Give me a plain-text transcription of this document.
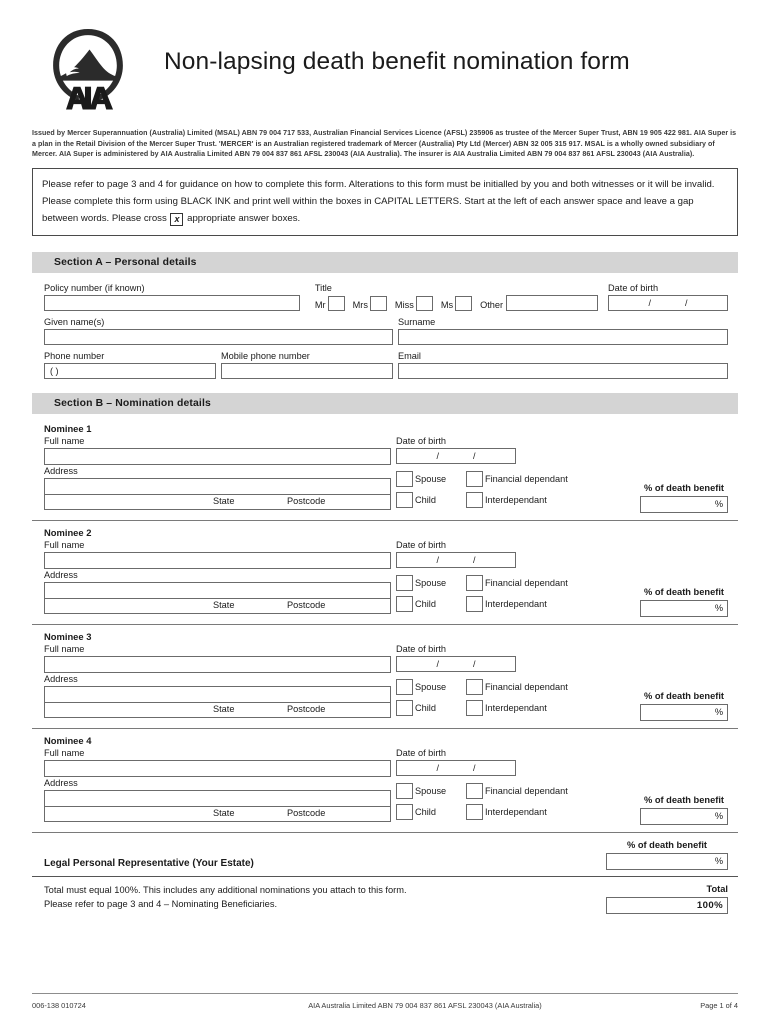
Non-lapsing death benefit nomination form
Issued by Mercer Superannuation (Australia) Limited (MSAL) ABN 79 004 717 533, Australian Financial Services Licence (AFSL) 235906 as trustee of the Mercer Super Trust, ABN 19 905 422 981. AIA Super is a plan in the Retail Division of the Mercer Super Trust. 'MERCER' is an Australian registered trademark of Mercer (Australia) Pty Ltd (Mercer) ABN 32 005 315 917. MSAL is a wholly owned subsidiary of Mercer. AIA Super is administered by AIA Australia Limited ABN 79 004 837 861 AFSL 230043 (AIA Australia). The insurer is AIA Australia Limited ABN 79 004 837 861 AFSL 230043 (AIA Australia).
Please refer to page 3 and 4 for guidance on how to complete this form. Alterations to this form must be initialled by you and both witnesses or it will be invalid. Please complete this form using BLACK INK and print well within the boxes in CAPITAL LETTERS. Start at the left of each answer space and leave a gap between words. Please cross x appropriate answer boxes.
Section A – Personal details
Policy number (if known)	Title
Mr	Mrs	Miss	Ms	Other
Date of birth
/	/
Given name(s)	Surname
Phone number
( )
Mobile phone number	Email
Section B – Nomination details
Nominee 1
Full name
Address
State	Postcode
Date of birth
/	/
Spouse	Financial dependant
Child	Interdependant
% of death benefit
%
Nominee 2
Full name
Address
State	Postcode
Date of birth
/	/
Spouse	Financial dependant
Child	Interdependant
% of death benefit
%
Nominee 3
Full name
Address
State	Postcode
Date of birth
/	/
Spouse	Financial dependant
Child	Interdependant
% of death benefit
%
Nominee 4
Full name
Address
State	Postcode
Date of birth
/	/
Spouse	Financial dependant
Child	Interdependant
% of death benefit
%
Legal Personal Representative (Your Estate)
% of death benefit
%
Total must equal 100%. This includes any additional nominations you attach to this form.
Please refer to page 3 and 4 – Nominating Beneficiaries.
Total
100%
006-138 010724	AIA Australia Limited ABN 79 004 837 861 AFSL 230043 (AIA Australia)	Page 1 of 4
